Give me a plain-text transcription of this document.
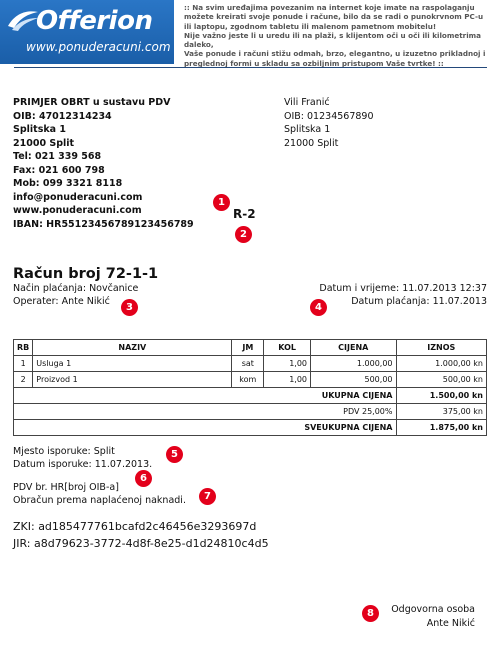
Offerion
www.ponuderacuni.com
:: Na svim uređajima povezanim na internet koje imate na raspolaganju
možete kreirati svoje ponude i račune, bilo da se radi o punokrvnom PC-u
ili laptopu, zgodnom tabletu ili malenom pametnom mobitelu!
Nije važno jeste li u uredu ili na plaži, s klijentom oči u oči ili kilometrima daleko,
Vaše ponude i računi stižu odmah, brzo, elegantno, u izuzetno prikladnoj i
preglednoj formi u skladu sa ozbiljnim pristupom Vaše tvrtke! ::
PRIMJER OBRT u sustavu PDV
OIB: 47012314234
Splitska 1
21000 Split
Tel: 021 339 568
Fax: 021 600 798
Mob: 099 3321 8118
info@ponuderacuni.com
www.ponuderacuni.com
IBAN: HR55123456789123456789
Vili Franić
OIB: 01234567890
Splitska 1
21000 Split
1
2
3	4
5
6
7
8
R-2
Račun broj 72-1-1
Način plaćanja: Novčanice
Operater: Ante Nikić
Datum i vrijeme: 11.07.2013 12:37
Datum plaćanja: 11.07.2013
RB	NAZIV	JM	KOL	CIJENA	IZNOS
1	Usluga 1	sat	1,00	1.000,00	1.000,00 kn
2	Proizvod 1	kom	1,00	500,00	500,00 kn
UKUPNA CIJENA					1.500,00 kn
PDV 25,00%					375,00 kn
SVEUKUPNA CIJENA					1.875,00 kn
Mjesto isporuke: Split
Datum isporuke: 11.07.2013.
PDV br. HR[broj OIB-a]
Obračun prema naplaćenoj naknadi.
ZKI: ad185477761bcafd2c46456e3293697d
JIR: a8d79623-3772-4d8f-8e25-d1d24810c4d5
Odgovorna osoba
Ante Nikić
